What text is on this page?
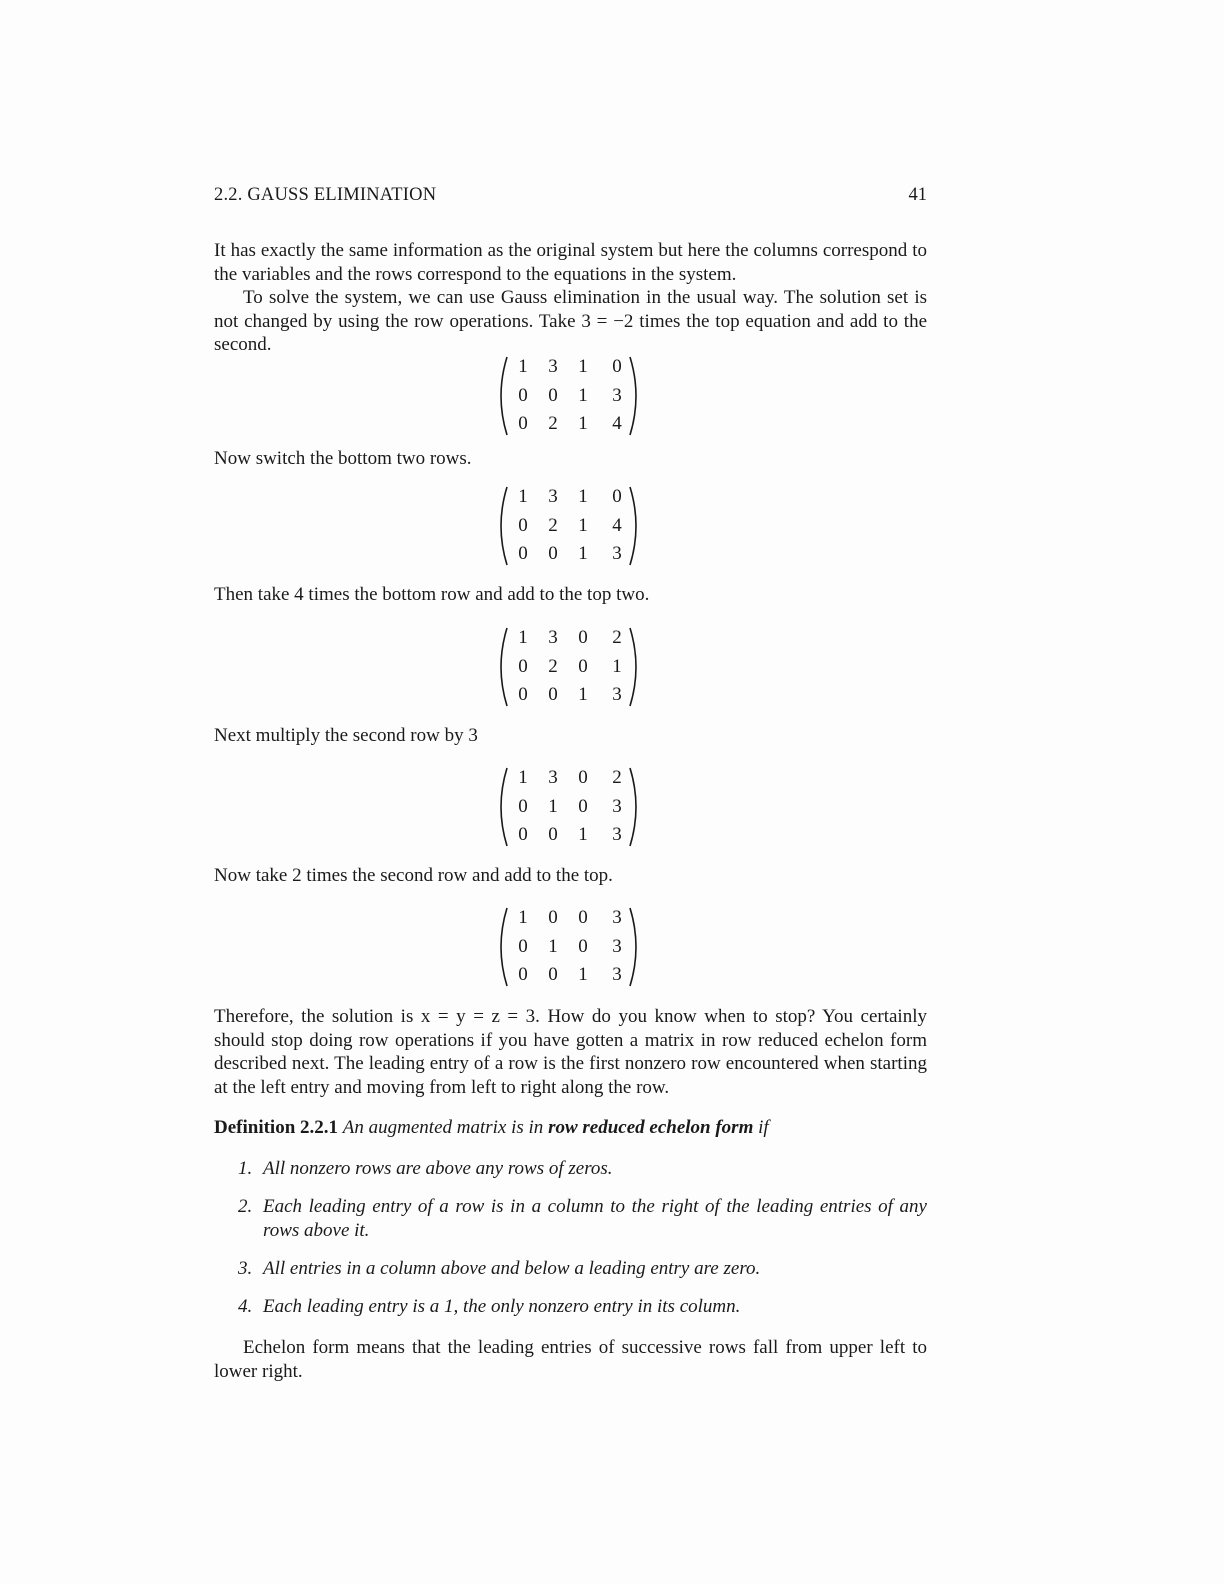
2.2. GAUSS ELIMINATION	41

It has exactly the same information as the original system but here the columns correspond to the variables and the rows correspond to the equations in the system.

To solve the system, we can use Gauss elimination in the usual way. The solution set is not changed by using the row operations. Take 3 = −2 times the top equation and add to the second.

1 3 1 0
0 0 1 3
0 2 1 4

Now switch the bottom two rows.

1 3 1 0
0 2 1 4
0 0 1 3

Then take 4 times the bottom row and add to the top two.

1 3 0 2
0 2 0 1
0 0 1 3

Next multiply the second row by 3

1 3 0 2
0 1 0 3
0 0 1 3

Now take 2 times the second row and add to the top.

1 0 0 3
0 1 0 3
0 0 1 3

Therefore, the solution is x = y = z = 3. How do you know when to stop? You certainly should stop doing row operations if you have gotten a matrix in row reduced echelon form described next. The leading entry of a row is the first nonzero row encountered when starting at the left entry and moving from left to right along the row.

Definition 2.2.1 An augmented matrix is in row reduced echelon form if

1. All nonzero rows are above any rows of zeros.
2. Each leading entry of a row is in a column to the right of the leading entries of any rows above it.
3. All entries in a column above and below a leading entry are zero.
4. Each leading entry is a 1, the only nonzero entry in its column.

Echelon form means that the leading entries of successive rows fall from upper left to lower right.
